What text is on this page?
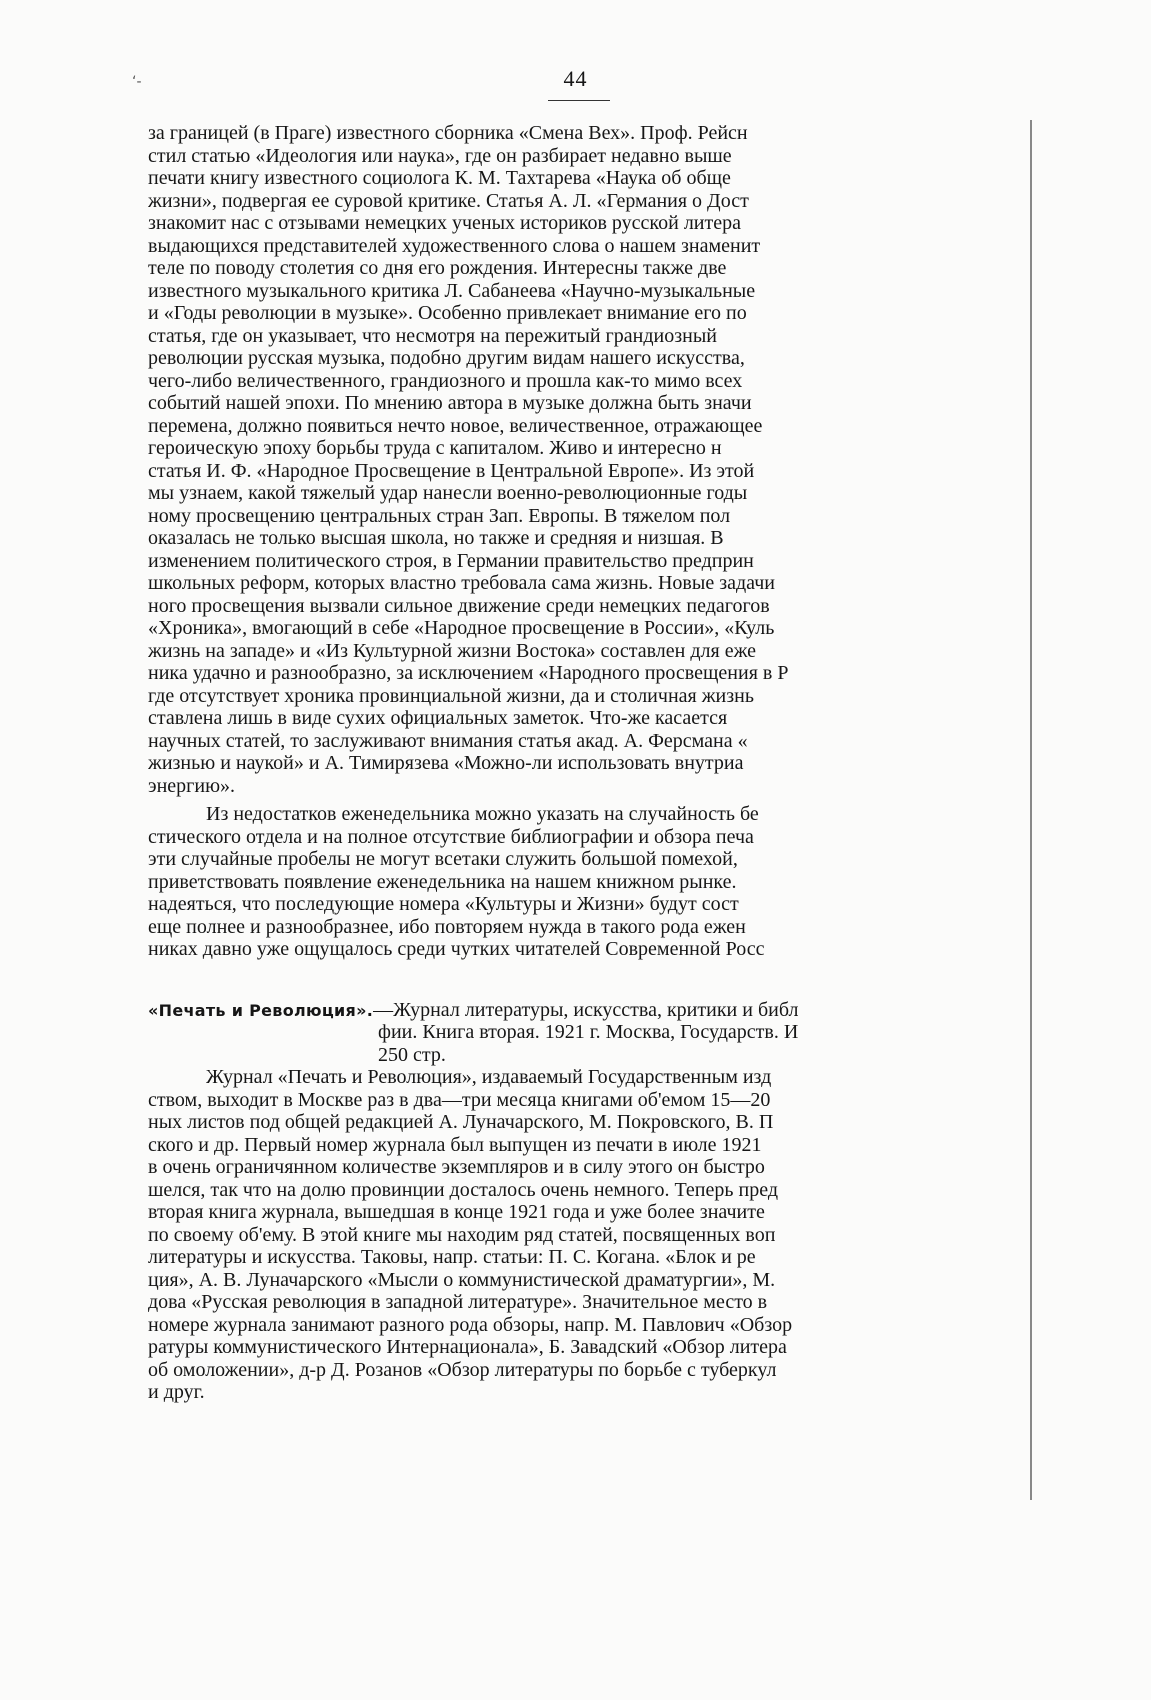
‘-	44
за границей (в Праге) известного сборника «Смена Вех». Проф. Рейсн
стил статью «Идеология или наука», где он разбирает недавно выше
печати книгу известного социолога К. М. Тахтарева «Наука об обще
жизни», подвергая ее суровой критике. Статья А. Л. «Германия о Дост
знакомит нас с отзывами немецких ученых историков русской литера
выдающихся представителей художественного слова о нашем знаменит
теле по поводу столетия со дня его рождения. Интересны также две
известного музыкального критика Л. Сабанеева «Научно-музыкальные
и «Годы революции в музыке». Особенно привлекает внимание его по
статья, где он указывает, что несмотря на пережитый грандиозный
революции русская музыка, подобно другим видам нашего искусства,
чего-либо величественного, грандиозного и прошла как-то мимо всех
событий нашей эпохи. По мнению автора в музыке должна быть значи
перемена, должно появиться нечто новое, величественное, отражающее
героическую эпоху борьбы труда с капиталом. Живо и интересно н
статья И. Ф. «Народное Просвещение в Центральной Европе». Из этой
мы узнаем, какой тяжелый удар нанесли военно-революционные годы
ному просвещению центральных стран Зап. Европы. В тяжелом пол
оказалась не только высшая школа, но также и средняя и низшая. В
изменением политического строя, в Германии правительство предприн
школьных реформ, которых властно требовала сама жизнь. Новые задачи
ного просвещения вызвали сильное движение среди немецких педагогов
«Хроника», вмогающий в себе «Народное просвещение в России», «Куль
жизнь на западе» и «Из Культурной жизни Востока» составлен для еже
ника удачно и разнообразно, за исключением «Народного просвещения в Р
где отсутствует хроника провинциальной жизни, да и столичная жизнь
ставлена лишь в виде сухих официальных заметок. Что-же касается
научных статей, то заслуживают внимания статья акад. А. Ферсмана «
жизнью и наукой» и А. Тимирязева «Можно-ли использовать внутриа
энергию».
Из недостатков еженедельника можно указать на случайность бе
стического отдела и на полное отсутствие библиографии и обзора печа
эти случайные пробелы не могут всетаки служить большой помехой,
приветствовать появление еженедельника на нашем книжном рынке.
надеяться, что последующие номера «Культуры и Жизни» будут сост
еще полнее и разнообразнее, ибо повторяем нужда в такого рода ежен
никах давно уже ощущалось среди чутких читателей Современной Росс
«Печать и Революция».—Журнал литературы, искусства, критики и библ
фии. Книга вторая. 1921 г. Москва, Государств. И
250 стр.
Журнал «Печать и Революция», издаваемый Государственным изд
ством, выходит в Москве раз в два—три месяца книгами об'емом 15—20
ных листов под общей редакцией А. Луначарского, М. Покровского, В. П
ского и др. Первый номер журнала был выпущен из печати в июле 1921
в очень ограничянном количестве экземпляров и в силу этого он быстро
шелся, так что на долю провинции досталось очень немного. Теперь пред
вторая книга журнала, вышедшая в конце 1921 года и уже более значите
по своему об'ему. В этой книге мы находим ряд статей, посвященных воп
литературы и искусства. Таковы, напр. статьи: П. С. Когана. «Блок и ре
ция», А. В. Луначарского «Мысли о коммунистической драматургии», М.
дова «Русская революция в западной литературе». Значительное место в
номере журнала занимают разного рода обзоры, напр. М. Павлович «Обзор
ратуры коммунистического Интернационала», Б. Завадский «Обзор литера
об омоложении», д-р Д. Розанов «Обзор литературы по борьбе с туберкул
и друг.
